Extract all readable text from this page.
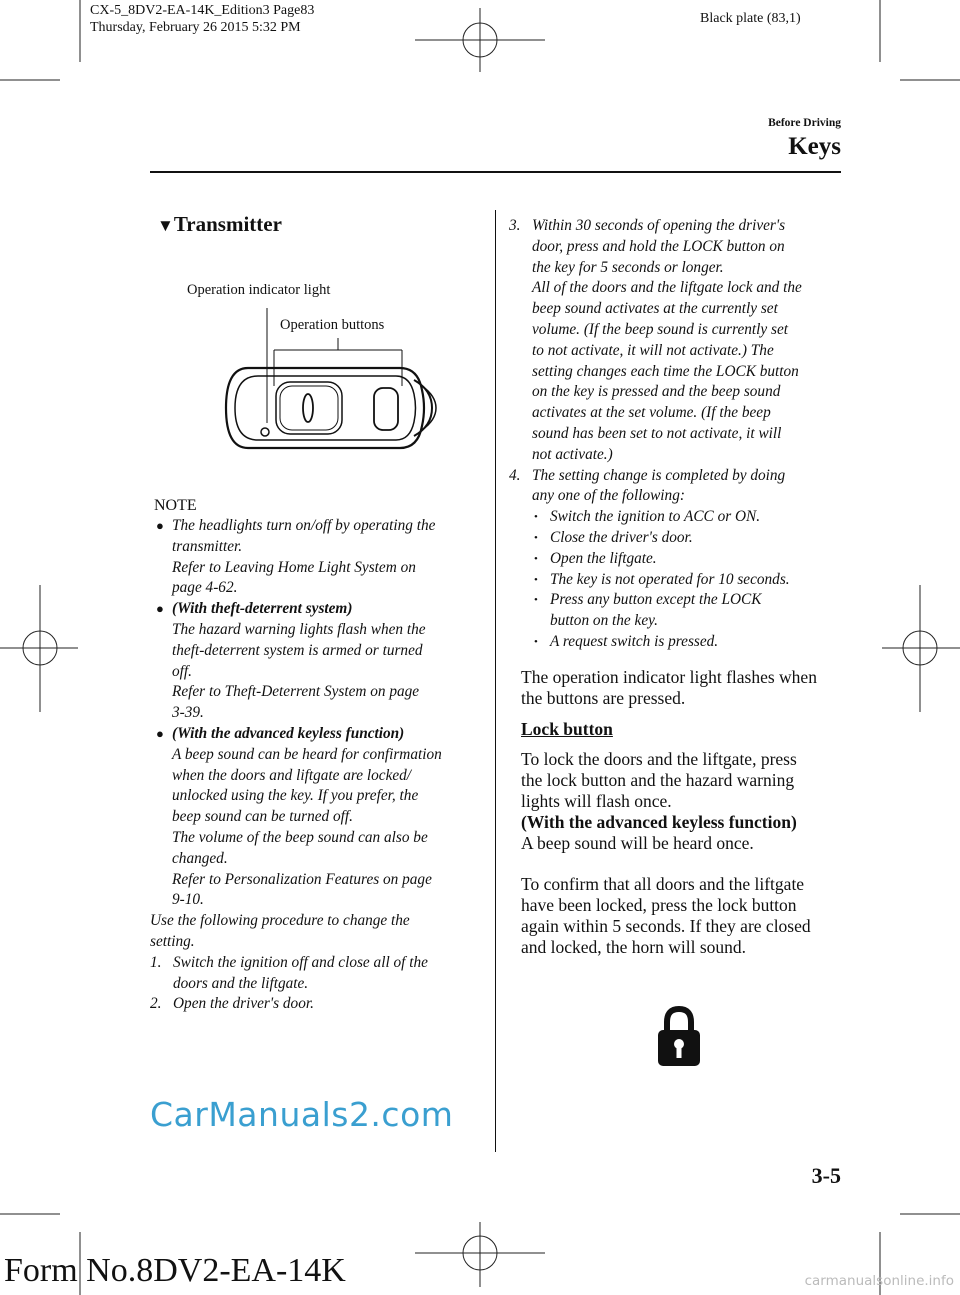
CX-5_8DV2-EA-14K_Edition3 Page83
Thursday, February 26 2015 5:32 PM
Black plate (83,1)
Before Driving
Keys
▼Transmitter
Operation indicator light
Operation buttons
NOTE
● The headlights turn on/off by operating the
transmitter.
Refer to Leaving Home Light System on
page 4-62.
● (With theft-deterrent system)
The hazard warning lights flash when the
theft-deterrent system is armed or turned
off.
Refer to Theft-Deterrent System on page
3-39.
● (With the advanced keyless function)
A beep sound can be heard for confirmation
when the doors and liftgate are locked/
unlocked using the key. If you prefer, the
beep sound can be turned off.
The volume of the beep sound can also be
changed.
Refer to Personalization Features on page
9-10.
Use the following procedure to change the
setting.
1. Switch the ignition off and close all of the
doors and the liftgate.
2. Open the driver's door.
3. Within 30 seconds of opening the driver's
door, press and hold the LOCK button on
the key for 5 seconds or longer.
All of the doors and the liftgate lock and the
beep sound activates at the currently set
volume. (If the beep sound is currently set
to not activate, it will not activate.) The
setting changes each time the LOCK button
on the key is pressed and the beep sound
activates at the set volume. (If the beep
sound has been set to not activate, it will
not activate.)
4. The setting change is completed by doing
any one of the following:
• Switch the ignition to ACC or ON.
• Close the driver's door.
• Open the liftgate.
• The key is not operated for 10 seconds.
• Press any button except the LOCK
button on the key.
• A request switch is pressed.
The operation indicator light flashes when
the buttons are pressed.
Lock button
To lock the doors and the liftgate, press
the lock button and the hazard warning
lights will flash once.
(With the advanced keyless function)
A beep sound will be heard once.
To confirm that all doors and the liftgate
have been locked, press the lock button
again within 5 seconds. If they are closed
and locked, the horn will sound.
CarManuals2.com
3-5
Form No.8DV2-EA-14K	carmanualsonline.info
